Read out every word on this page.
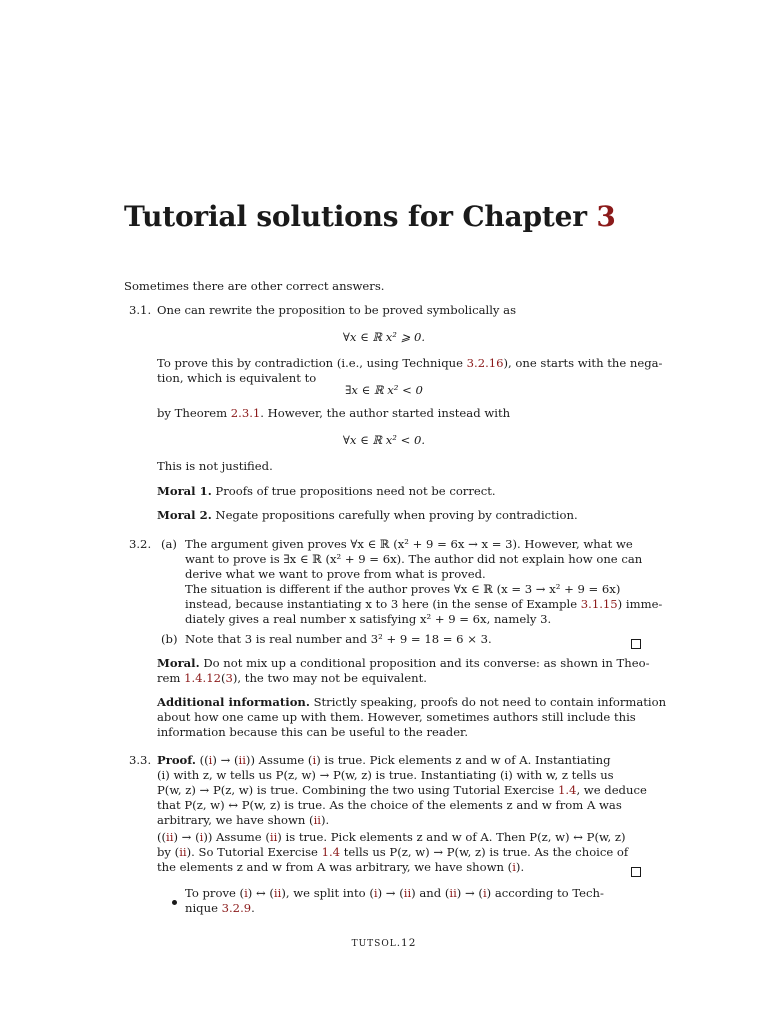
Tutorial solutions for Chapter 3
Sometimes there are other correct answers.
3.1. One can rewrite the proposition to be proved symbolically as
∀x ∈ ℝ x² ⩾ 0.
To prove this by contradiction (i.e., using Technique 3.2.16), one starts with the nega-
tion, which is equivalent to
∃x ∈ ℝ x² < 0
by Theorem 2.3.1. However, the author started instead with
∀x ∈ ℝ x² < 0.
This is not justified.
Moral 1. Proofs of true propositions need not be correct.
Moral 2. Negate propositions carefully when proving by contradiction.
3.2. (a) The argument given proves ∀x ∈ ℝ (x² + 9 = 6x → x = 3). However, what we
want to prove is ∃x ∈ ℝ (x² + 9 = 6x). The author did not explain how one can
derive what we want to prove from what is proved.
The situation is different if the author proves ∀x ∈ ℝ (x = 3 → x² + 9 = 6x)
instead, because instantiating x to 3 here (in the sense of Example 3.1.15) imme-
diately gives a real number x satisfying x² + 9 = 6x, namely 3.
(b) Note that 3 is real number and 3² + 9 = 18 = 6 × 3.
Moral. Do not mix up a conditional proposition and its converse: as shown in Theo-
rem 1.4.12(3), the two may not be equivalent.
Additional information. Strictly speaking, proofs do not need to contain information
about how one came up with them. However, sometimes authors still include this
information because this can be useful to the reader.
3.3. Proof. ((i) → (ii)) Assume (i) is true. Pick elements z and w of A. Instantiating
(i) with z, w tells us P(z, w) → P(w, z) is true. Instantiating (i) with w, z tells us
P(w, z) → P(z, w) is true. Combining the two using Tutorial Exercise 1.4, we deduce
that P(z, w) ↔ P(w, z) is true. As the choice of the elements z and w from A was
arbitrary, we have shown (ii).
((ii) → (i)) Assume (ii) is true. Pick elements z and w of A. Then P(z, w) ↔ P(w, z)
by (ii). So Tutorial Exercise 1.4 tells us P(z, w) → P(w, z) is true. As the choice of
the elements z and w from A was arbitrary, we have shown (i).
To prove (i) ↔ (ii), we split into (i) → (ii) and (ii) → (i) according to Tech-
nique 3.2.9.
TUTSOL.12
